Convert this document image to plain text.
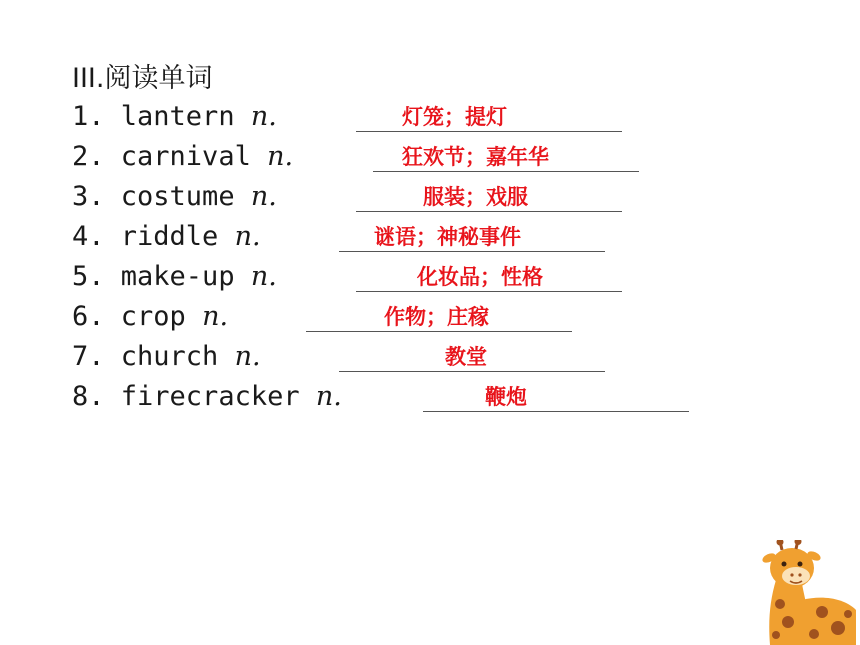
III.阅读单词
1. lantern n.	灯笼；提灯
2. carnival n.	狂欢节；嘉年华
3. costume n.	服装；戏服
4. riddle n.	谜语；神秘事件
5. make-up n.	化妆品；性格
6. crop n.	作物；庄稼
7. church n.	教堂
8. firecracker n.	鞭炮
